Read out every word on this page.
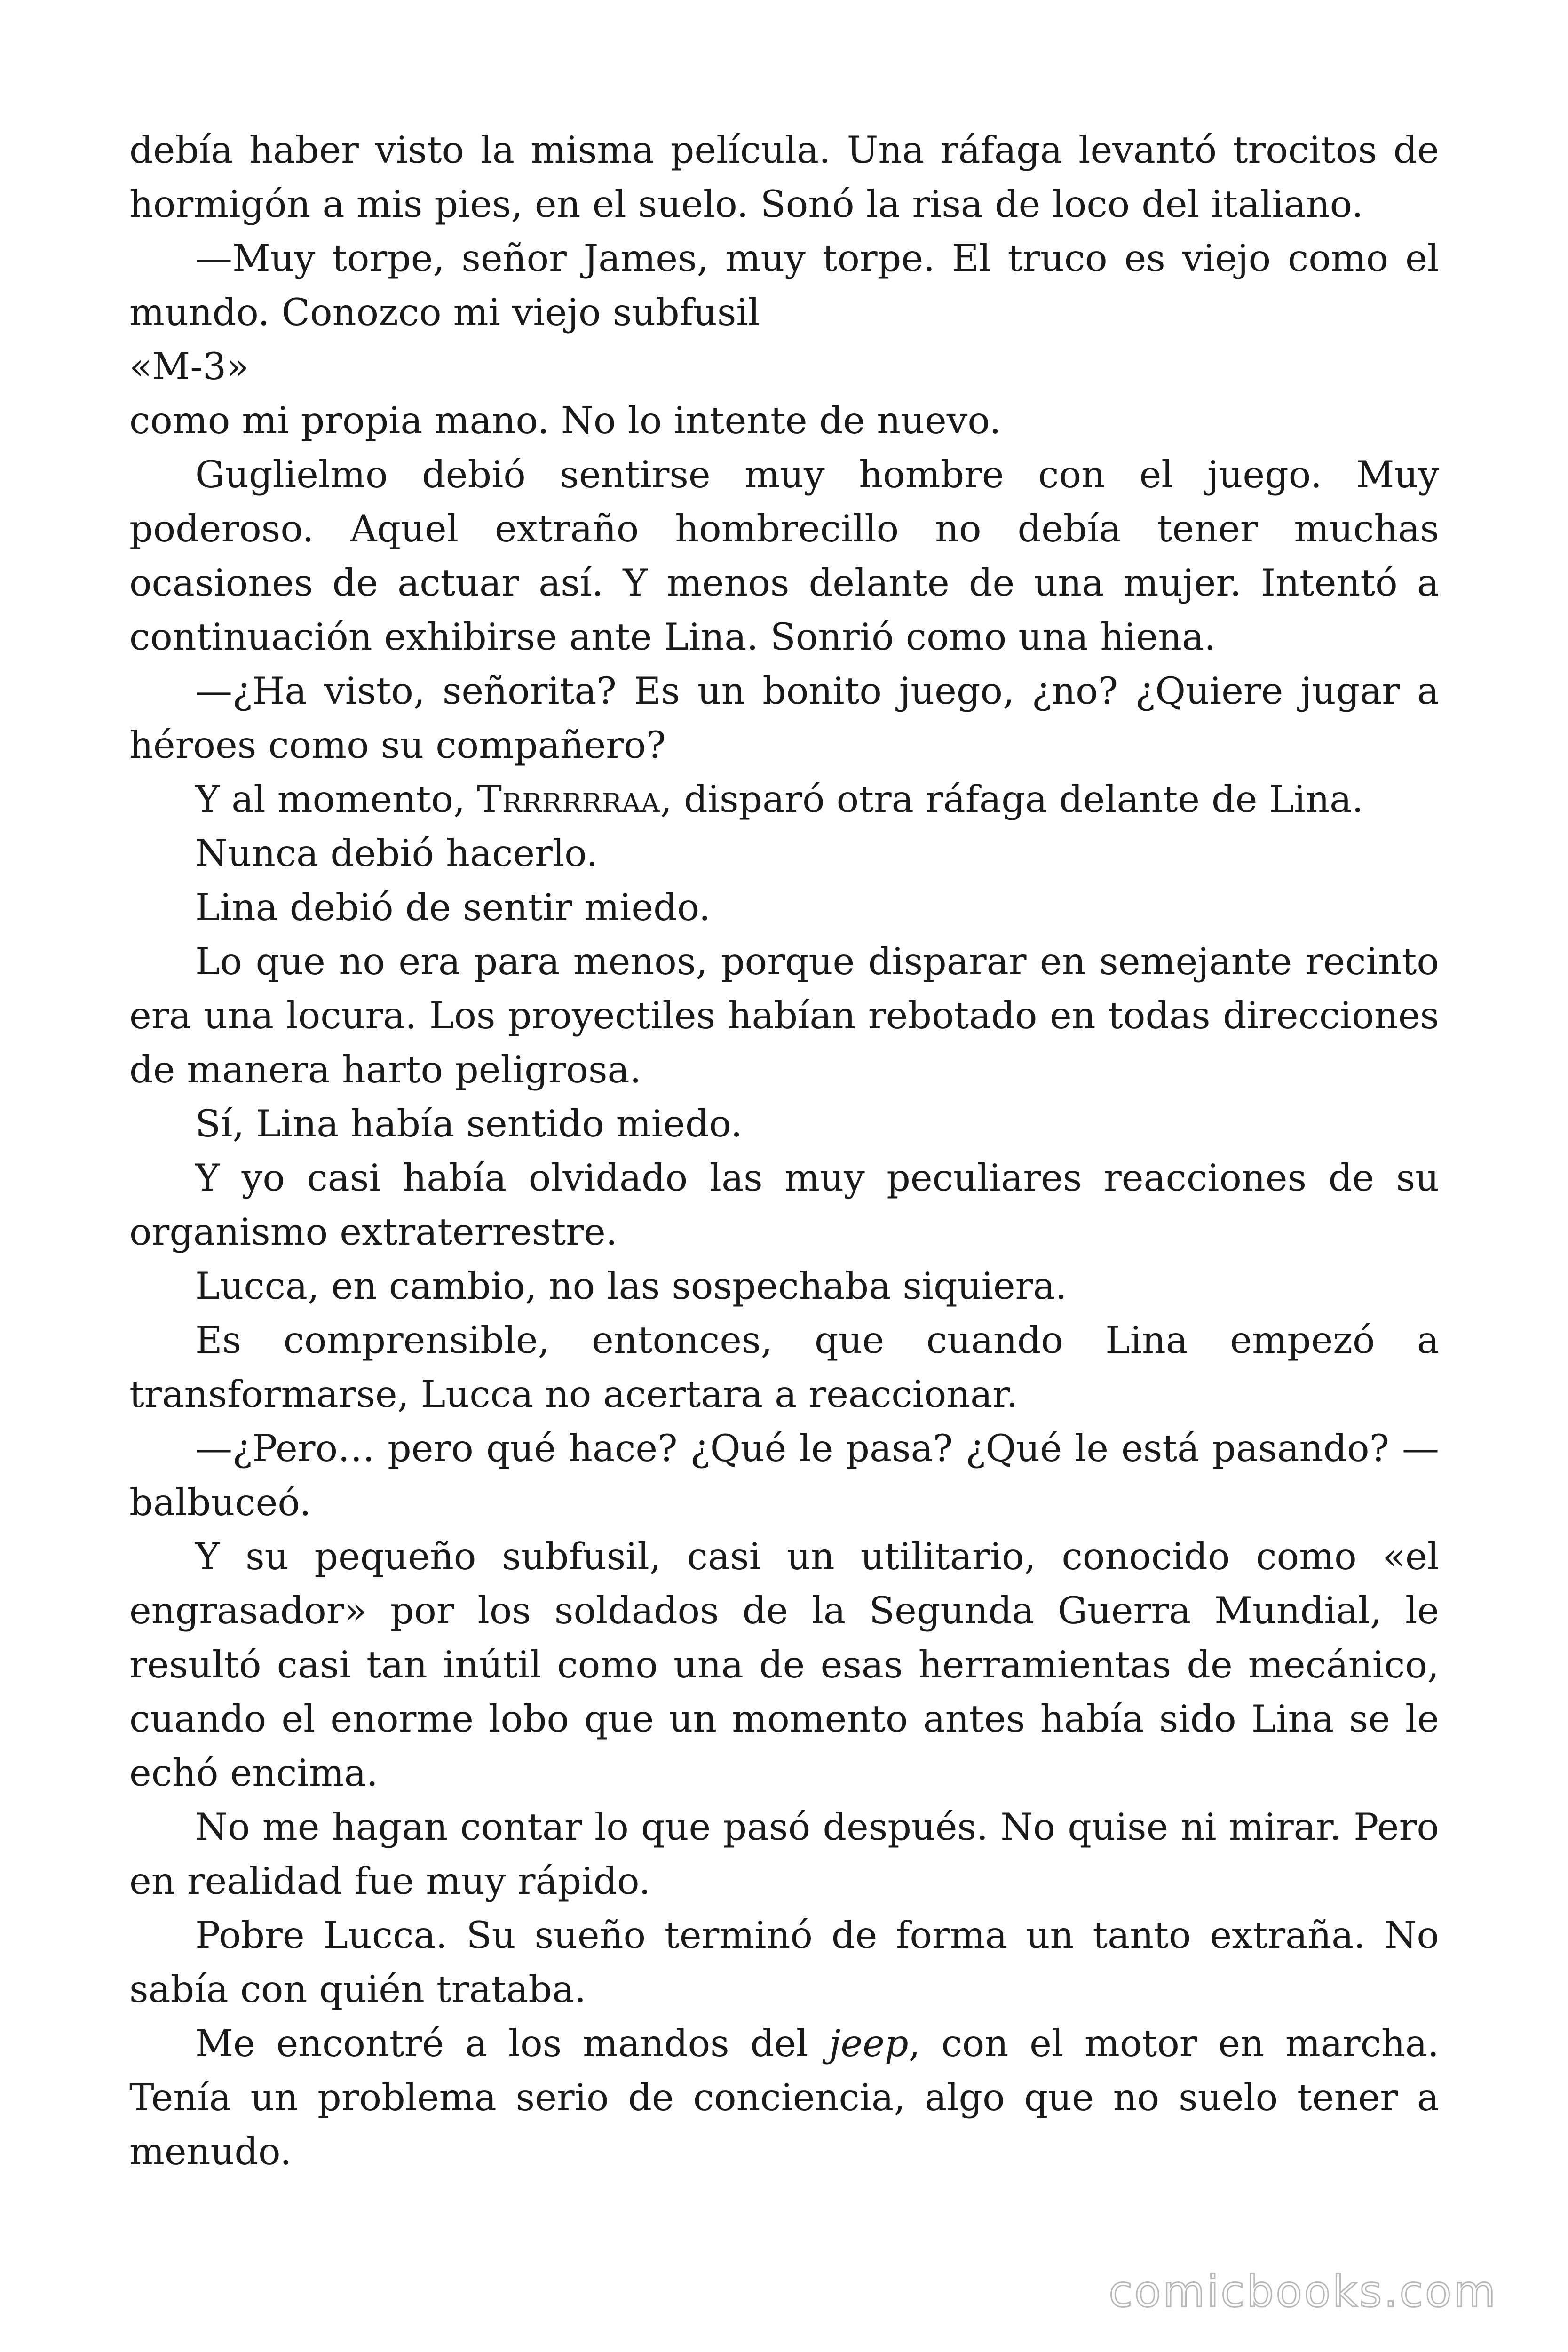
debía haber visto la misma película. Una ráfaga levantó trocitos de hormigón a mis pies, en el suelo. Sonó la risa de loco del italiano.

—Muy torpe, señor James, muy torpe. El truco es viejo como el mundo. Conozco mi viejo subfusil

«M-3»

como mi propia mano. No lo intente de nuevo.

Guglielmo debió sentirse muy hombre con el juego. Muy poderoso. Aquel extraño hombrecillo no debía tener muchas ocasiones de actuar así. Y menos delante de una mujer. Intentó a continuación exhibirse ante Lina. Sonrió como una hiena.

—¿Ha visto, señorita? Es un bonito juego, ¿no? ¿Quiere jugar a héroes como su compañero?

Y al momento, Trrrrrraa, disparó otra ráfaga delante de Lina.

Nunca debió hacerlo.

Lina debió de sentir miedo.

Lo que no era para menos, porque disparar en semejante recinto era una locura. Los proyectiles habían rebotado en todas direcciones de manera harto peligrosa.

Sí, Lina había sentido miedo.

Y yo casi había olvidado las muy peculiares reacciones de su organismo extraterrestre.

Lucca, en cambio, no las sospechaba siquiera.

Es comprensible, entonces, que cuando Lina empezó a transformarse, Lucca no acertara a reaccionar.

—¿Pero… pero qué hace? ¿Qué le pasa? ¿Qué le está pasando? —balbuceó.

Y su pequeño subfusil, casi un utilitario, conocido como «el engrasador» por los soldados de la Segunda Guerra Mundial, le resultó casi tan inútil como una de esas herramientas de mecánico, cuando el enorme lobo que un momento antes había sido Lina se le echó encima.

No me hagan contar lo que pasó después. No quise ni mirar. Pero en realidad fue muy rápido.

Pobre Lucca. Su sueño terminó de forma un tanto extraña. No sabía con quién trataba.

Me encontré a los mandos del jeep, con el motor en marcha. Tenía un problema serio de conciencia, algo que no suelo tener a menudo.

comicbooks.com
